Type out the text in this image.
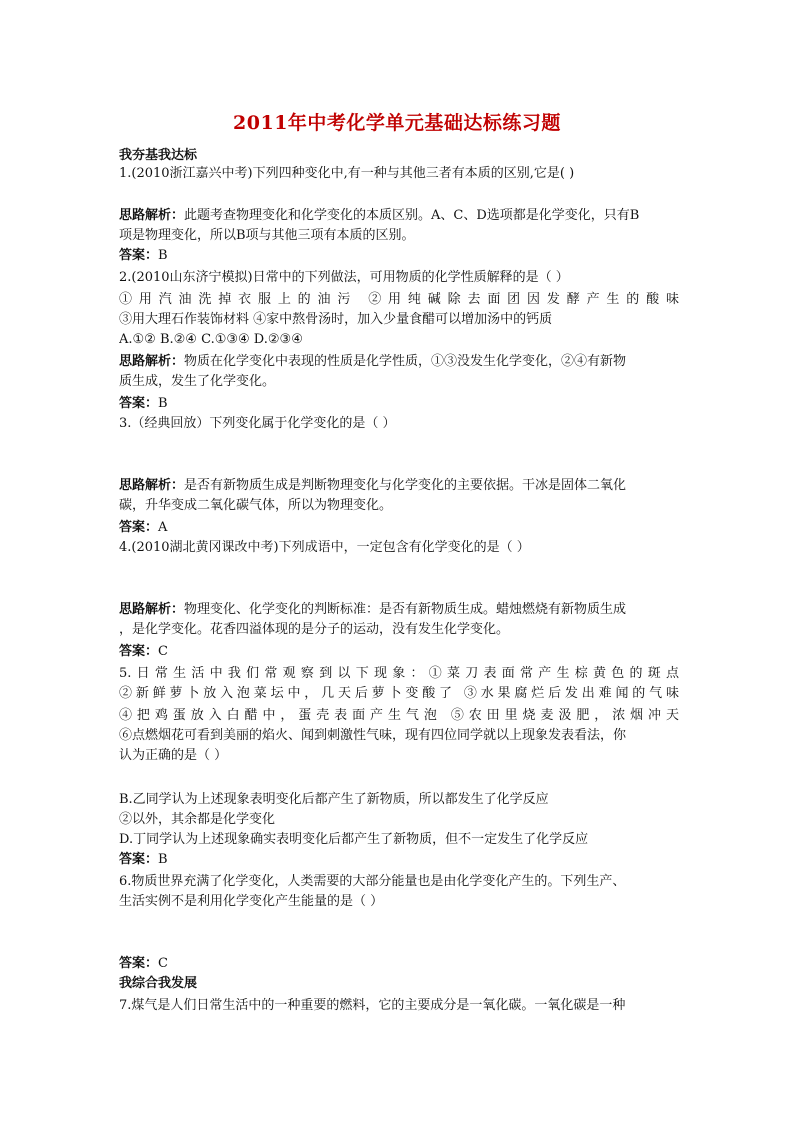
2011年中考化学单元基础达标练习题
我夯基我达标
1.(2010浙江嘉兴中考)下列四种变化中,有一种与其他三者有本质的区别,它是( )
思路解析：此题考查物理变化和化学变化的本质区别。A、C、D选项都是化学变化，只有B
项是物理变化，所以B项与其他三项有本质的区别。
答案：B
2.(2010山东济宁模拟)日常中的下列做法，可用物质的化学性质解释的是（ ）
①用汽油洗掉衣服上的油污 ②用纯碱除去面团因发酵产生的酸味
③用大理石作装饰材料 ④家中熬骨汤时，加入少量食醋可以增加汤中的钙质
A.①② B.②④ C.①③④ D.②③④
思路解析：物质在化学变化中表现的性质是化学性质，①③没发生化学变化，②④有新物
质生成，发生了化学变化。
答案：B
3.（经典回放）下列变化属于化学变化的是（ ）
思路解析：是否有新物质生成是判断物理变化与化学变化的主要依据。干冰是固体二氧化
碳，升华变成二氧化碳气体，所以为物理变化。
答案：A
4.(2010湖北黄冈课改中考)下列成语中，一定包含有化学变化的是（ ）
思路解析：物理变化、化学变化的判断标准：是否有新物质生成。蜡烛燃烧有新物质生成
，是化学变化。花香四溢体现的是分子的运动，没有发生化学变化。
答案：C
5.日常生活中我们常观察到以下现象：①菜刀表面常产生棕黄色的斑点
②新鲜萝卜放入泡菜坛中，几天后萝卜变酸了 ③水果腐烂后发出难闻的气味
④把鸡蛋放入白醋中，蛋壳表面产生气泡 ⑤农田里烧麦汲肥，浓烟冲天
⑥点燃烟花可看到美丽的焰火、闻到刺激性气味，现有四位同学就以上现象发表看法，你
认为正确的是（ ）
B.乙同学认为上述现象表明变化后都产生了新物质，所以都发生了化学反应
②以外，其余都是化学变化
D.丁同学认为上述现象确实表明变化后都产生了新物质，但不一定发生了化学反应
答案：B
6.物质世界充满了化学变化，人类需要的大部分能量也是由化学变化产生的。下列生产、
生活实例不是利用化学变化产生能量的是（ ）
答案：C
我综合我发展
7.煤气是人们日常生活中的一种重要的燃料，它的主要成分是一氧化碳。一氧化碳是一种
